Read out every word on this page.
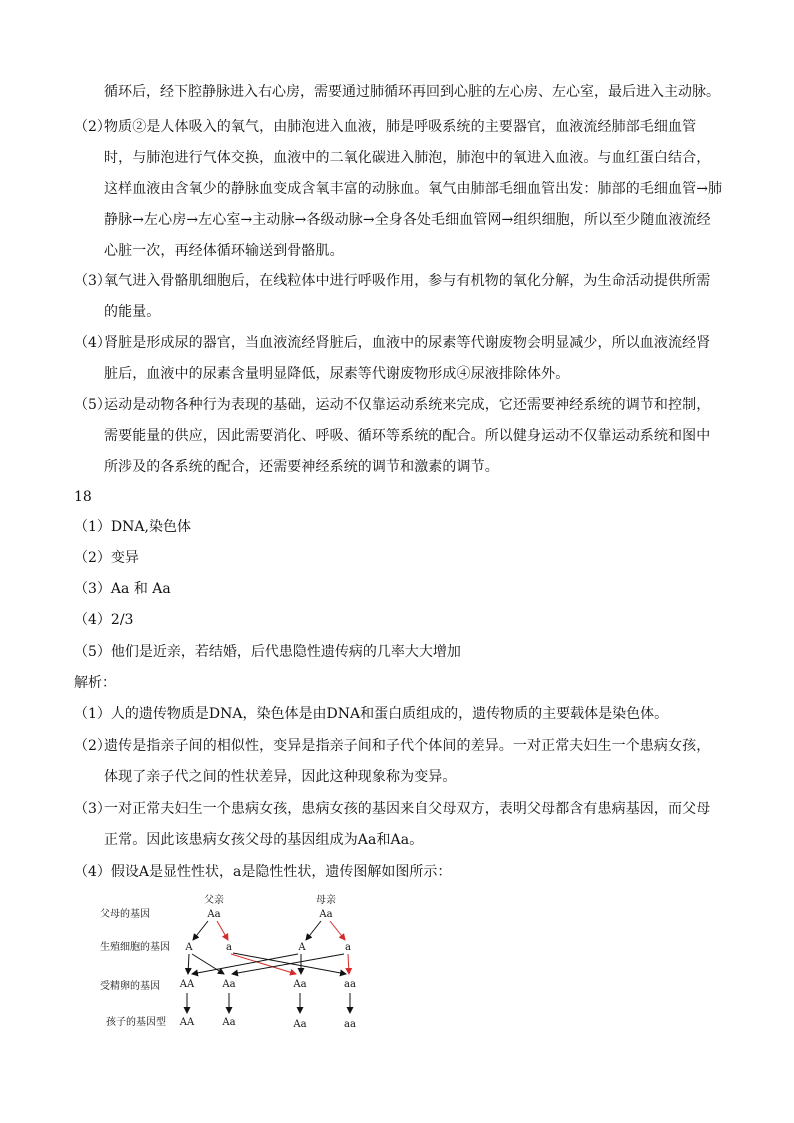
循环后，经下腔静脉进入右心房，需要通过肺循环再回到心脏的左心房、左心室，最后进入主动脉。
（2）
物质②是人体吸入的氧气，由肺泡进入血液，肺是呼吸系统的主要器官，血液流经肺部毛细血管时，与肺泡进行气体交换，血液中的二氧化碳进入肺泡，肺泡中的氧进入血液。与血红蛋白结合，这样血液由含氧少的静脉血变成含氧丰富的动脉血。氧气由肺部毛细血管出发：肺部的毛细血管→肺静脉→左心房→左心室→主动脉→各级动脉→全身各处毛细血管网→组织细胞，所以至少随血液流经心脏一次，再经体循环输送到骨骼肌。
（3）
氧气进入骨骼肌细胞后，在线粒体中进行呼吸作用，参与有机物的氧化分解，为生命活动提供所需的能量。
（4）
肾脏是形成尿的器官，当血液流经肾脏后，血液中的尿素等代谢废物会明显减少，所以血液流经肾脏后，血液中的尿素含量明显降低，尿素等代谢废物形成④尿液排除体外。
（5）
运动是动物各种行为表现的基础，运动不仅靠运动系统来完成，它还需要神经系统的调节和控制，需要能量的供应，因此需要消化、呼吸、循环等系统的配合。所以健身运动不仅靠运动系统和图中所涉及的各系统的配合，还需要神经系统的调节和激素的调节。
18
（1）DNA,染色体
（2）变异
（3）Aa 和 Aa
（4）2/3
（5）他们是近亲，若结婚，后代患隐性遗传病的几率大大增加
解析：
（1）人的遗传物质是DNA，染色体是由DNA和蛋白质组成的，遗传物质的主要载体是染色体。
（2）
遗传是指亲子间的相似性，变异是指亲子间和子代个体间的差异。一对正常夫妇生一个患病女孩，体现了亲子代之间的性状差异，因此这种现象称为变异。
（3）
一对正常夫妇生一个患病女孩，患病女孩的基因来自父母双方，表明父母都含有患病基因，而父母正常。因此该患病女孩父母的基因组成为Aa和Aa。
（4）假设A是显性性状，a是隐性性状，遗传图解如图所示：
父母的基因
生殖细胞的基因
受精卵的基因
孩子的基因型
父亲
Aa
母亲
Aa
A	a	A	a
AA	Aa	Aa	aa
AA	Aa	Aa	aa
